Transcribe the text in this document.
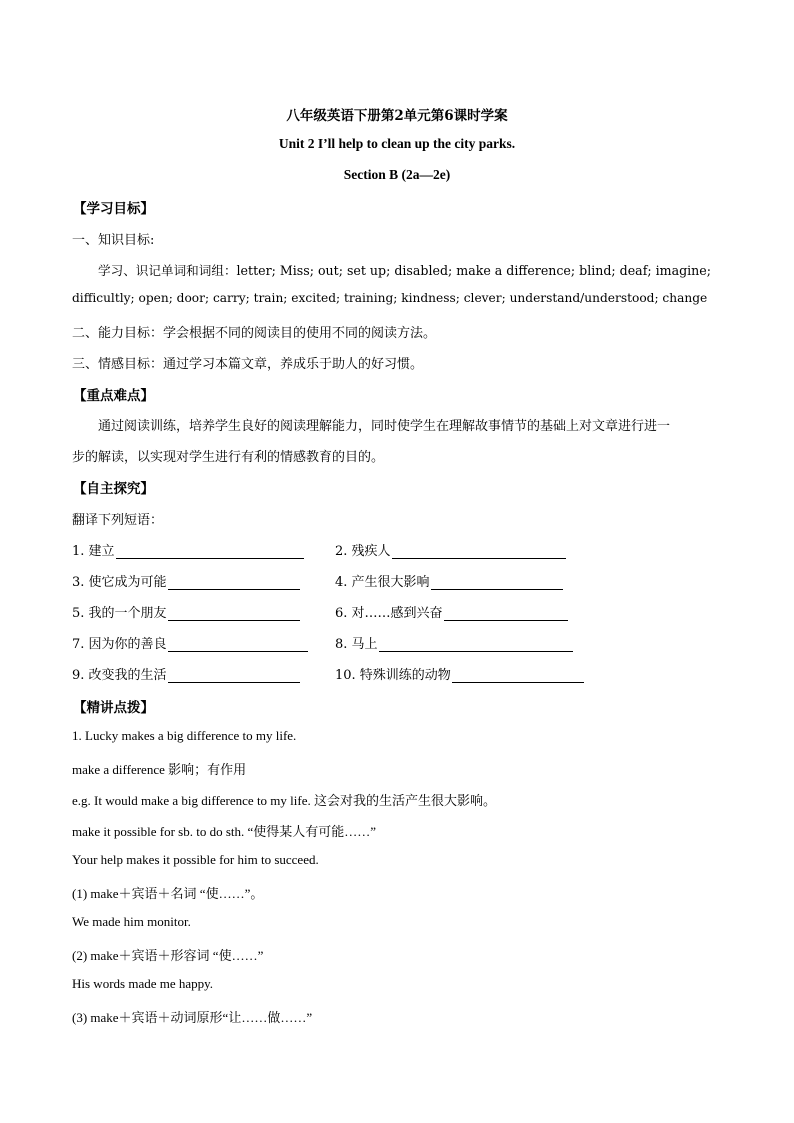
八年级英语下册第2单元第6课时学案
Unit 2 I’ll help to clean up the city parks.
Section B (2a—2e)
【学习目标】
一、知识目标:
学习、识记单词和词组：letter; Miss; out; set up; disabled; make a difference; blind; deaf; imagine;
difficultly; open; door; carry; train; excited; training; kindness; clever; understand/understood; change
二、能力目标：学会根据不同的阅读目的使用不同的阅读方法。
三、情感目标：通过学习本篇文章，养成乐于助人的好习惯。
【重点难点】
通过阅读训练，培养学生良好的阅读理解能力，同时使学生在理解故事情节的基础上对文章进行进一
步的解读，以实现对学生进行有利的情感教育的目的。
【自主探究】
翻译下列短语：
1. 建立	2. 残疾人
3. 使它成为可能	4. 产生很大影响
5. 我的一个朋友	6. 对……感到兴奋
7. 因为你的善良	8. 马上
9. 改变我的生活	10. 特殊训练的动物
【精讲点拨】
1. Lucky makes a big difference to my life.
make a difference 影响；有作用
e.g. It would make a big difference to my life. 这会对我的生活产生很大影响。
make it possible for sb. to do sth. “使得某人有可能……”
Your help makes it possible for him to succeed.
(1) make＋宾语＋名词 “使……”。
We made him monitor.
(2) make＋宾语＋形容词 “使……”
His words made me happy.
(3) make＋宾语＋动词原形“让……做……”
